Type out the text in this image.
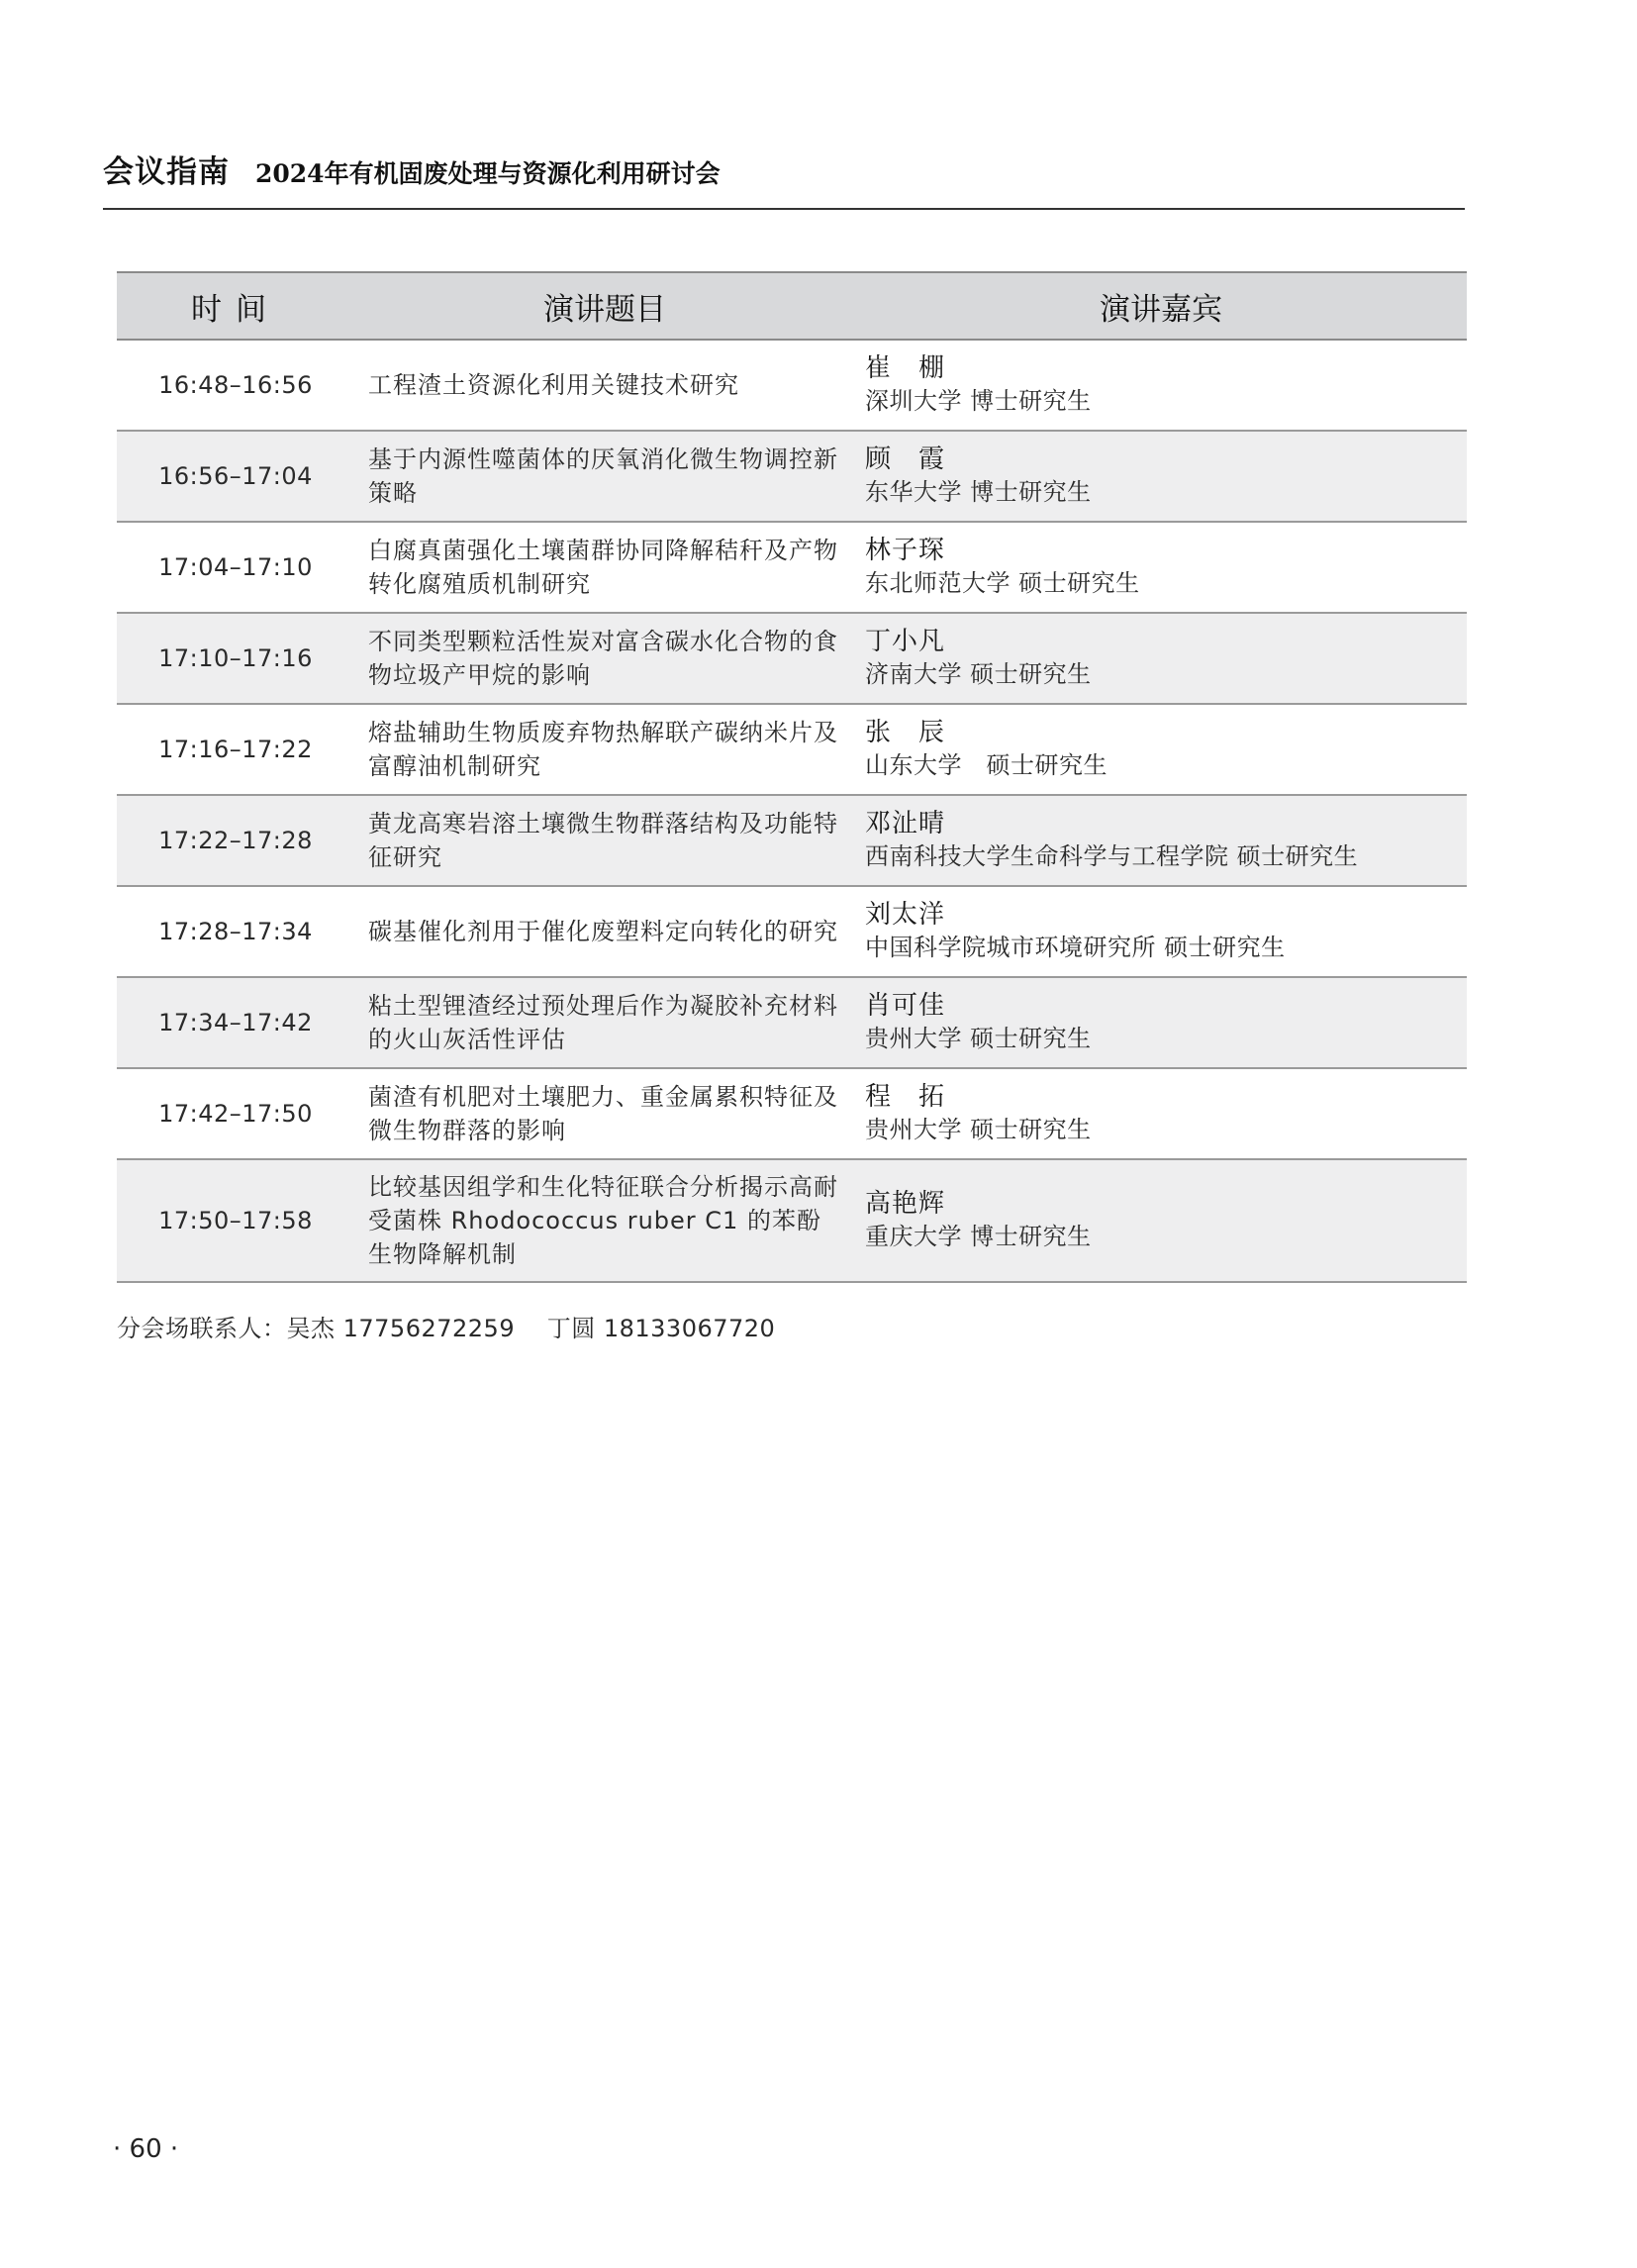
会议指南 2024年有机固废处理与资源化利用研讨会
时间	演讲题目	演讲嘉宾
16:48–16:56	工程渣土资源化利用关键技术研究	崔　棚
深圳大学 博士研究生

16:56–17:04	基于内源性噬菌体的厌氧消化微生物调控新策略	顾　霞
东华大学 博士研究生

17:04–17:10	白腐真菌强化土壤菌群协同降解秸秆及产物转化腐殖质机制研究	林子琛
东北师范大学 硕士研究生

17:10–17:16	不同类型颗粒活性炭对富含碳水化合物的食物垃圾产甲烷的影响	丁小凡
济南大学 硕士研究生

17:16–17:22	熔盐辅助生物质废弃物热解联产碳纳米片及富醇油机制研究	张　辰
山东大学　硕士研究生

17:22–17:28	黄龙高寒岩溶土壤微生物群落结构及功能特征研究	邓沚晴
西南科技大学生命科学与工程学院 硕士研究生

17:28–17:34	碳基催化剂用于催化废塑料定向转化的研究	刘太洋
中国科学院城市环境研究所 硕士研究生

17:34–17:42	粘土型锂渣经过预处理后作为凝胶补充材料的火山灰活性评估	肖可佳
贵州大学 硕士研究生

17:42–17:50	菌渣有机肥对土壤肥力、重金属累积特征及微生物群落的影响	程　拓
贵州大学 硕士研究生

17:50–17:58	比较基因组学和生化特征联合分析揭示高耐受菌株 Rhodococcus ruber C1 的苯酚生物降解机制	高艳辉
重庆大学 博士研究生
分会场联系人：吴杰 17756272259　 丁圆 18133067720
· 60 ·
